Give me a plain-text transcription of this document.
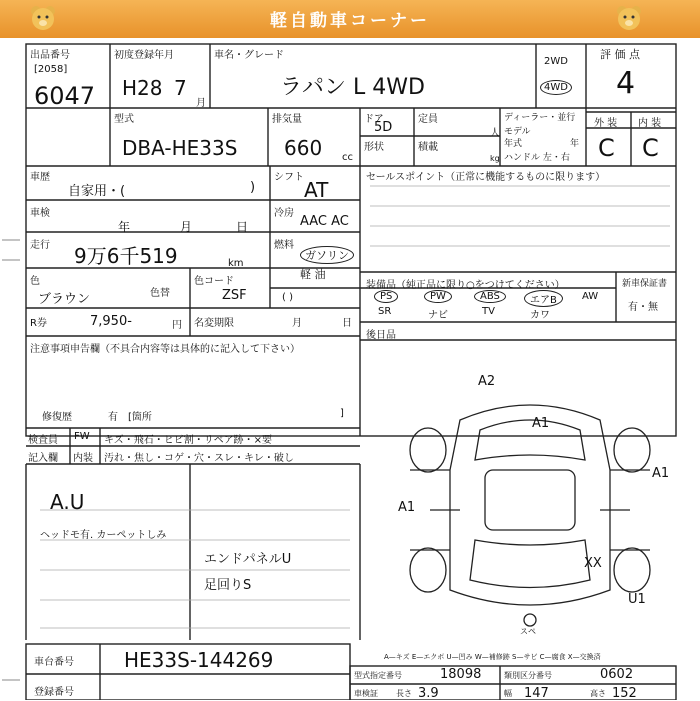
軽自動車コーナー
出品番号
[2058]
6047
初度登録年月
H28 7
月
車名・グレード
ラパン L 4WD
2WD
4WD
評 価 点
4
外 装 内 装
C C
型式
DBA-HE33S
排気量
660 cc
ドア
5D
形状
定員
人
積載
kg
ディーラー・並行
モデル
年式	年
ハンドル 左・右
車歴
自家用・(	)
シフト
AT
車検
年	月	日
冷房
AAC AC
走行 9万6千519	km
燃料
ガソリン
軽 油
色
ブラウン	色替
色コード
ZSF	( )
R券	7,950-	円 名変期限	月	日
注意事項申告欄（不具合内容等は具体的に記入して下さい）
修復歴	有 [箇所	]
セールスポイント（正常に機能するものに限ります）
装備品（純正品に限り○をつけてください）	新車保証書
有・無
PS	PW	ABS	エアB	AW
SR	ナビ	TV	カワ
後日品
検査員
記入欄
FW キズ・飛石・ヒビ割・リペア跡・×要
内装 汚れ・焦し・コゲ・穴・スレ・キレ・破し
A.U
ヘッドモ有. カーペットしみ
エンドパネルU
足回りS
A2
A1
A1
A1
XX
U1
スペ
車台番号	HE33S-144269
登録番号
A—キズ E—エクボ U—凹み W—補修跡 S—サビ C—腐食 X—交換済
型式指定番号	18098	類別区分番号	0602
車検証 長さ 3.9	幅 147	高さ 152
